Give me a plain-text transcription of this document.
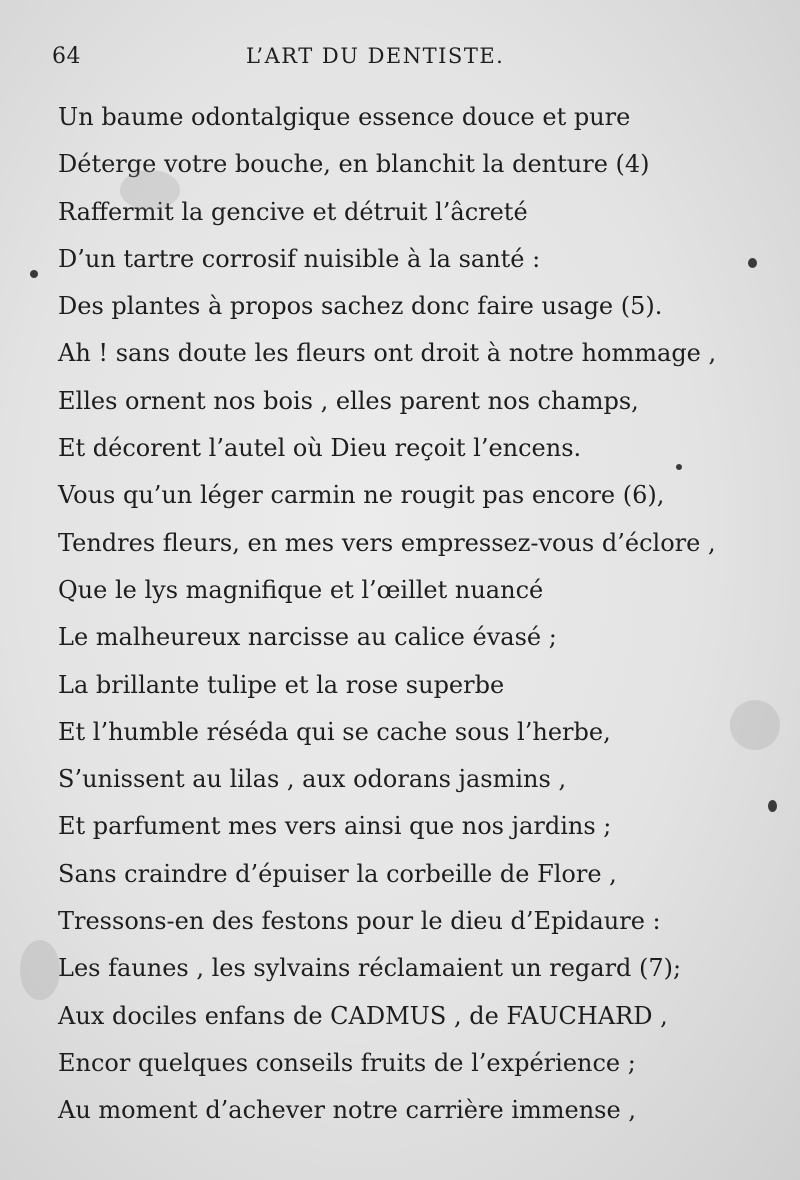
64	L’ART DU DENTISTE.
Un baume odontalgique essence douce et pure
Déterge votre bouche, en blanchit la denture (4)
Raffermit la gencive et détruit l’âcreté
D’un tartre corrosif nuisible à la santé :
Des plantes à propos sachez donc faire usage (5).
Ah ! sans doute les fleurs ont droit à notre hommage ,
Elles ornent nos bois , elles parent nos champs,
Et décorent l’autel où Dieu reçoit l’encens.
Vous qu’un léger carmin ne rougit pas encore (6),
Tendres fleurs, en mes vers empressez-vous d’éclore ,
Que le lys magnifique et l’œillet nuancé
Le malheureux narcisse au calice évasé ;
La brillante tulipe et la rose superbe
Et l’humble réséda qui se cache sous l’herbe,
S’unissent au lilas , aux odorans jasmins ,
Et parfument mes vers ainsi que nos jardins ;
Sans craindre d’épuiser la corbeille de Flore ,
Tressons-en des festons pour le dieu d’Epidaure :
Les faunes , les sylvains réclamaient un regard (7);
Aux dociles enfans de CADMUS , de FAUCHARD ,
Encor quelques conseils fruits de l’expérience ;
Au moment d’achever notre carrière immense ,
